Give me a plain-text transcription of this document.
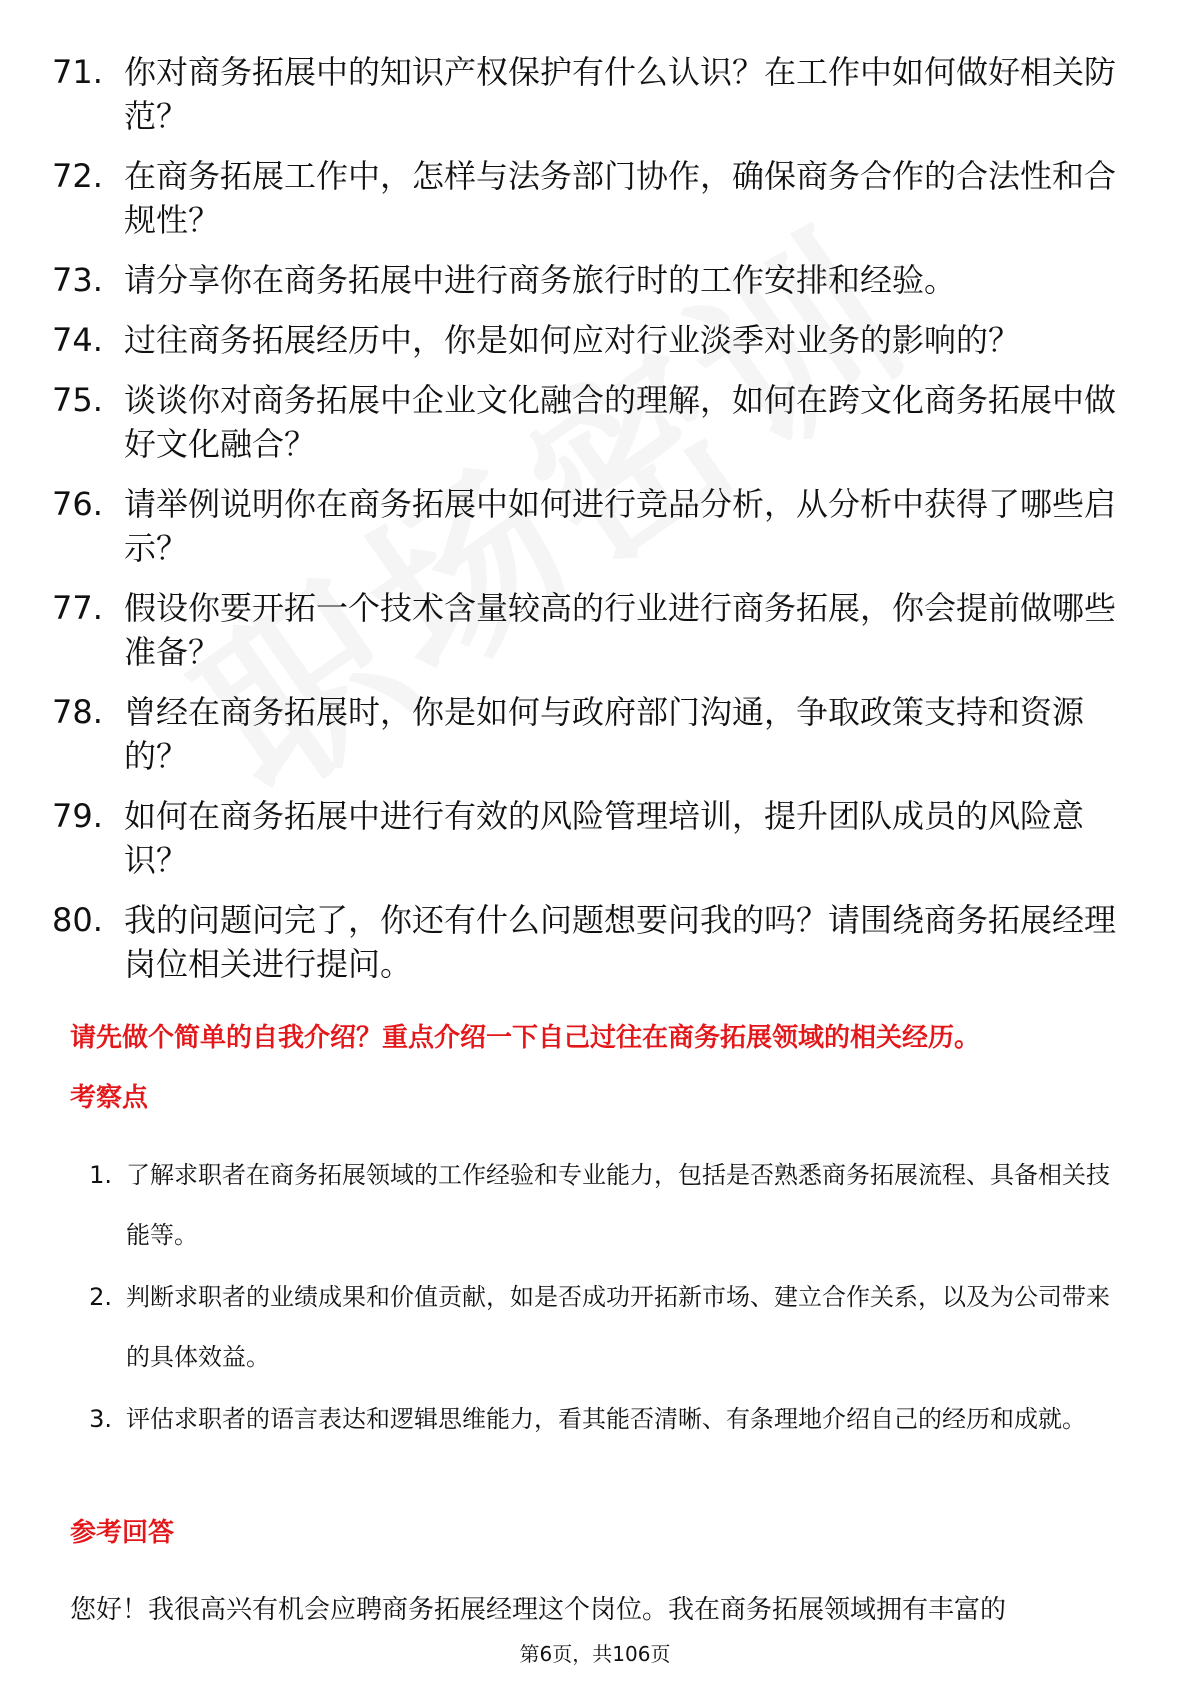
71. 你对商务拓展中的知识产权保护有什么认识？在工作中如何做好相关防范？
72. 在商务拓展工作中，怎样与法务部门协作，确保商务合作的合法性和合规性？
73. 请分享你在商务拓展中进行商务旅行时的工作安排和经验。
74. 过往商务拓展经历中，你是如何应对行业淡季对业务的影响的？
75. 谈谈你对商务拓展中企业文化融合的理解，如何在跨文化商务拓展中做好文化融合？
76. 请举例说明你在商务拓展中如何进行竞品分析，从分析中获得了哪些启示？
77. 假设你要开拓一个技术含量较高的行业进行商务拓展，你会提前做哪些准备？
78. 曾经在商务拓展时，你是如何与政府部门沟通，争取政策支持和资源的？
79. 如何在商务拓展中进行有效的风险管理培训，提升团队成员的风险意识？
80. 我的问题问完了，你还有什么问题想要问我的吗？请围绕商务拓展经理岗位相关进行提问。

请先做个简单的自我介绍？重点介绍一下自己过往在商务拓展领域的相关经历。

考察点

1. 了解求职者在商务拓展领域的工作经验和专业能力，包括是否熟悉商务拓展流程、具备相关技能等。
2. 判断求职者的业绩成果和价值贡献，如是否成功开拓新市场、建立合作关系，以及为公司带来的具体效益。
3. 评估求职者的语言表达和逻辑思维能力，看其能否清晰、有条理地介绍自己的经历和成就。

参考回答

您好！我很高兴有机会应聘商务拓展经理这个岗位。我在商务拓展领域拥有丰富的

第6页，共106页
